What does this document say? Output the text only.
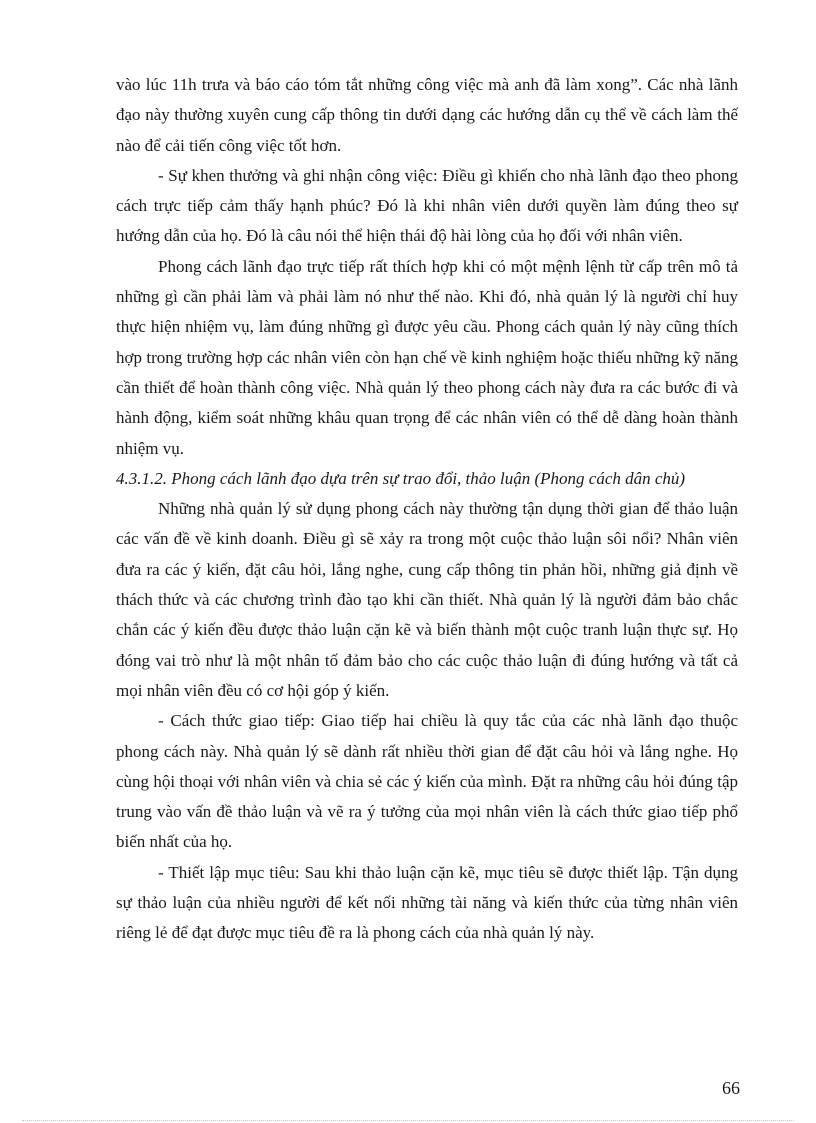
vào lúc 11h trưa và báo cáo tóm tắt những công việc mà anh đã làm xong”. Các nhà lãnh đạo này thường xuyên cung cấp thông tin dưới dạng các hướng dẫn cụ thể về cách làm thế nào để cải tiến công việc tốt hơn.

- Sự khen thưởng và ghi nhận công việc: Điều gì khiến cho nhà lãnh đạo theo phong cách trực tiếp cảm thấy hạnh phúc? Đó là khi nhân viên dưới quyền làm đúng theo sự hướng dẫn của họ. Đó là câu nói thể hiện thái độ hài lòng của họ đối với nhân viên.

Phong cách lãnh đạo trực tiếp rất thích hợp khi có một mệnh lệnh từ cấp trên mô tả những gì cần phải làm và phải làm nó như thế nào. Khi đó, nhà quản lý là người chỉ huy thực hiện nhiệm vụ, làm đúng những gì được yêu cầu. Phong cách quản lý này cũng thích hợp trong trường hợp các nhân viên còn hạn chế về kinh nghiệm hoặc thiếu những kỹ năng cần thiết để hoàn thành công việc. Nhà quản lý theo phong cách này đưa ra các bước đi và hành động, kiểm soát những khâu quan trọng để các nhân viên có thể dễ dàng hoàn thành nhiệm vụ.

4.3.1.2. Phong cách lãnh đạo dựa trên sự trao đổi, thảo luận (Phong cách dân chủ)

Những nhà quản lý sử dụng phong cách này thường tận dụng thời gian để thảo luận các vấn đề về kinh doanh. Điều gì sẽ xảy ra trong một cuộc thảo luận sôi nổi? Nhân viên đưa ra các ý kiến, đặt câu hỏi, lắng nghe, cung cấp thông tin phản hồi, những giả định về thách thức và các chương trình đào tạo khi cần thiết. Nhà quản lý là người đảm bảo chắc chắn các ý kiến đều được thảo luận cặn kẽ và biến thành một cuộc tranh luận thực sự. Họ đóng vai trò như là một nhân tố đảm bảo cho các cuộc thảo luận đi đúng hướng và tất cả mọi nhân viên đều có cơ hội góp ý kiến.

- Cách thức giao tiếp: Giao tiếp hai chiều là quy tắc của các nhà lãnh đạo thuộc phong cách này. Nhà quản lý sẽ dành rất nhiều thời gian để đặt câu hỏi và lắng nghe. Họ cùng hội thoại với nhân viên và chia sẻ các ý kiến của mình. Đặt ra những câu hỏi đúng tập trung vào vấn đề thảo luận và vẽ ra ý tưởng của mọi nhân viên là cách thức giao tiếp phổ biến nhất của họ.

- Thiết lập mục tiêu: Sau khi thảo luận cặn kẽ, mục tiêu sẽ được thiết lập. Tận dụng sự thảo luận của nhiều người để kết nối những tài năng và kiến thức của từng nhân viên riêng lẻ để đạt được mục tiêu đề ra là phong cách của nhà quản lý này.

66
